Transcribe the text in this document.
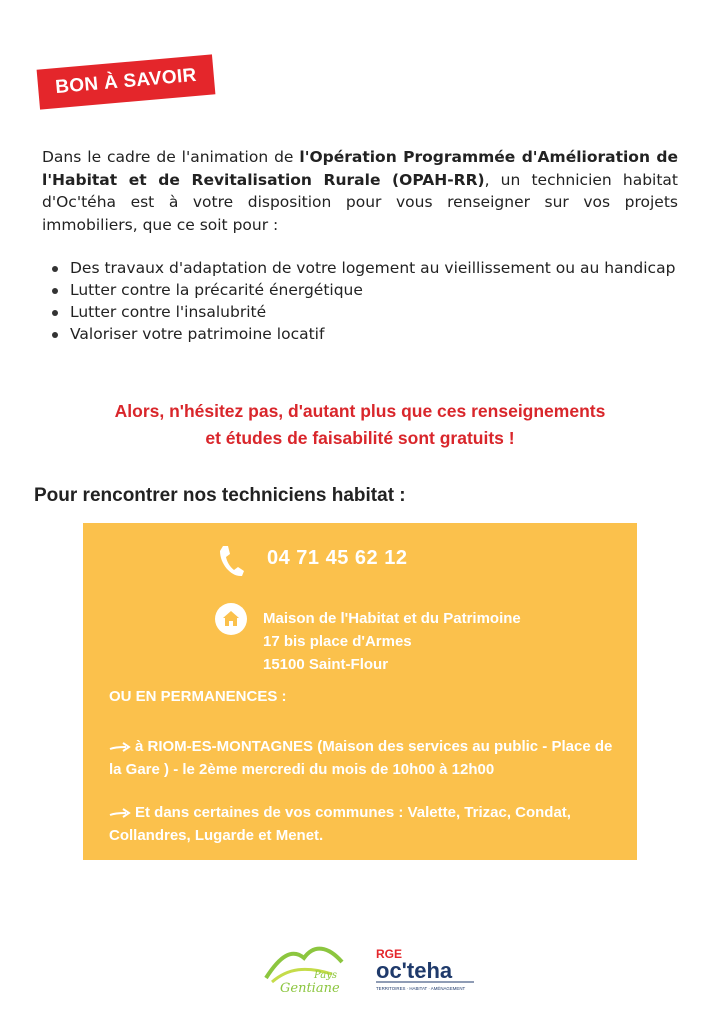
BON À SAVOIR

Dans le cadre de l'animation de l'Opération Programmée d'Amélioration de l'Habitat et de Revitalisation Rurale (OPAH-RR), un technicien habitat d'Oc'téha est à votre disposition pour vous renseigner sur vos projets immobiliers, que ce soit pour :

Des travaux d'adaptation de votre logement au vieillissement ou au handicap
Lutter contre la précarité énergétique
Lutter contre l'insalubrité
Valoriser votre patrimoine locatif

Alors, n'hésitez pas, d'autant plus que ces renseignements
et études de faisabilité sont gratuits !

Pour rencontrer nos techniciens habitat :
04 71 45 62 12
Maison de l'Habitat et du Patrimoine
17 bis place d'Armes
15100 Saint-Flour
OU EN PERMANENCES :
à RIOM-ES-MONTAGNES (Maison des services au public - Place de la Gare ) - le 2ème mercredi du mois de 10h00 à 12h00
Et dans certaines de vos communes : Valette, Trizac, Condat, Collandres, Lugarde et Menet.
Pays
Gentiane
RGE
oc'teha
TERRITOIRES · HABITAT · AMÉNAGEMENT
